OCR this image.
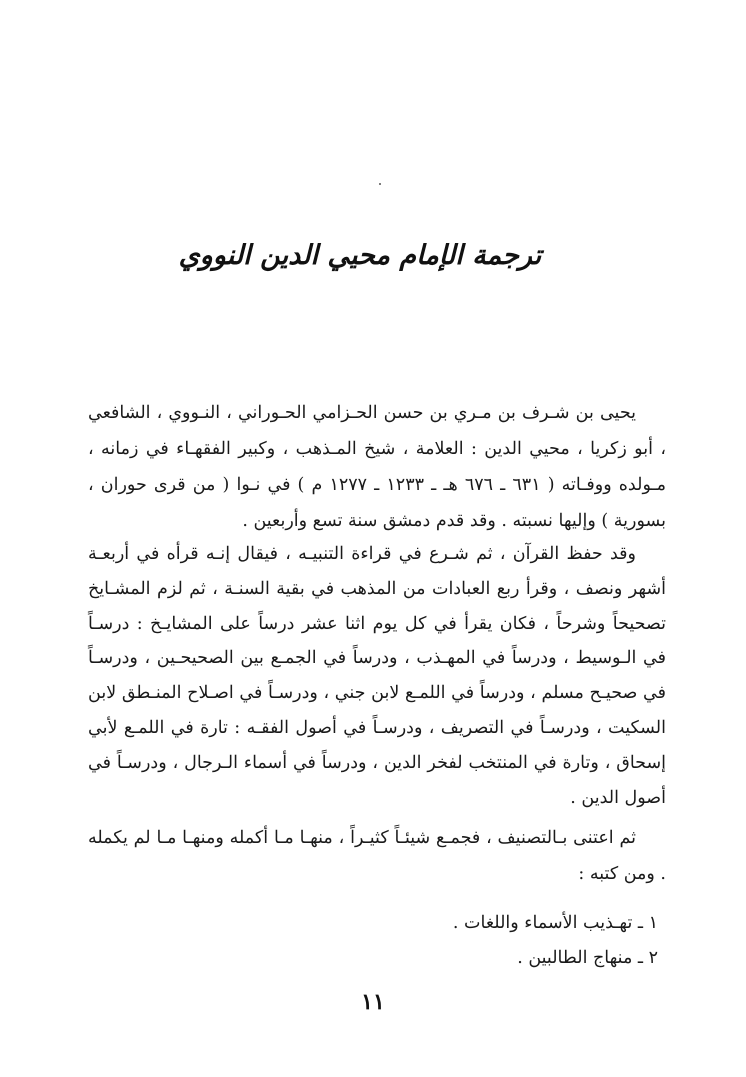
ترجمة الإمام محيي الدين النووي

يحيى بن شـرف بن مـري بن حسن الحـزامي الحـوراني ، النـووي ، الشافعي ، أبو زكريا ، محيي الدين : العلامة ، شيخ المـذهب ، وكبير الفقهـاء في زمانه ، مـولده ووفـاته ( ٦٣١ ـ ٦٧٦ هـ ـ ١٢٣٣ ـ ١٢٧٧ م ) في نـوا ( من قرى حوران ، بسورية ) وإليها نسبته . وقد قدم دمشق سنة تسع وأربعين .

وقد حفظ القرآن ، ثم شـرع في قراءة التنبيـه ، فيقال إنـه قرأه في أربعـة أشهر ونصف ، وقرأ ربع العبادات من المذهب في بقية السنـة ، ثم لزم المشـايخ تصحيحاً وشرحاً ، فكان يقرأ في كل يوم اثنا عشر درساً على المشايـخ : درسـاً في الـوسيط ، ودرساً في المهـذب ، ودرساً في الجمـع بين الصحيحـين ، ودرسـاً في صحيـح مسلم ، ودرساً في اللمـع لابن جني ، ودرسـاً في اصـلاح المنـطق لابن السكيت ، ودرسـاً في التصريف ، ودرسـاً في أصول الفقـه : تارة في اللمـع لأبي إسحاق ، وتارة في المنتخب لفخر الدين ، ودرساً في أسماء الـرجال ، ودرسـاً في أصول الدين .

ثم اعتنى بـالتصنيف ، فجمـع شيئـاً كثيـراً ، منهـا مـا أكمله ومنهـا مـا لم يكمله . ومن كتبه :

١ ـ تهـذيب الأسماء واللغات .
٢ ـ منهاج الطالبين .
١١
